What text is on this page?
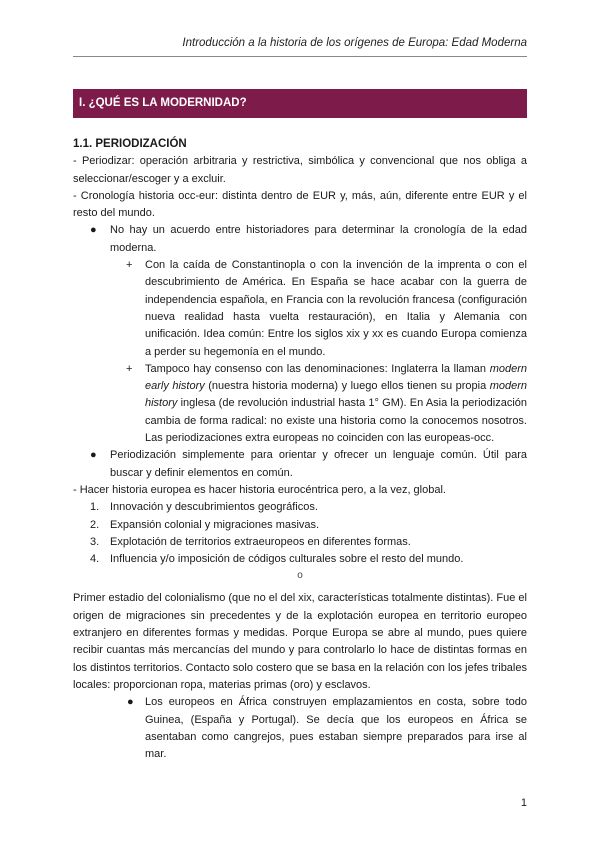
Introducción a la historia de los orígenes de Europa: Edad Moderna
I. ¿QUÉ ES LA MODERNIDAD?

1.1. PERIODIZACIÓN

- Periodizar: operación arbitraria y restrictiva, simbólica y convencional que nos obliga a seleccionar/escoger y a excluir.

- Cronología historia occ-eur: distinta dentro de EUR y, más, aún, diferente entre EUR y el resto del mundo.

● No hay un acuerdo entre historiadores para determinar la cronología de la edad moderna.
+ Con la caída de Constantinopla o con la invención de la imprenta o con el descubrimiento de América. En España se hace acabar con la guerra de independencia española, en Francia con la revolución francesa (configuración nueva realidad hasta vuelta restauración), en Italia y Alemania con unificación. Idea común: Entre los siglos xix y xx es cuando Europa comienza a perder su hegemonía en el mundo.
+ Tampoco hay consenso con las denominaciones: Inglaterra la llaman modern early history (nuestra historia moderna) y luego ellos tienen su propia modern history inglesa (de revolución industrial hasta 1° GM). En Asia la periodización cambia de forma radical: no existe una historia como la conocemos nosotros. Las periodizaciones extra europeas no coinciden con las europeas-occ.
● Periodización simplemente para orientar y ofrecer un lenguaje común. Útil para buscar y definir elementos en común.

- Hacer historia europea es hacer historia eurocéntrica pero, a la vez, global.

1. Innovación y descubrimientos geográficos.
2. Expansión colonial y migraciones masivas.
3. Explotación de territorios extraeuropeos en diferentes formas.
4. Influencia y/o imposición de códigos culturales sobre el resto del mundo.
o

Primer estadio del colonialismo (que no el del xix, características totalmente distintas). Fue el origen de migraciones sin precedentes y de la explotación europea en territorio europeo extranjero en diferentes formas y medidas. Porque Europa se abre al mundo, pues quiere recibir cuantas más mercancías del mundo y para controlarlo lo hace de distintas formas en los distintos territorios. Contacto solo costero que se basa en la relación con los jefes tribales locales: proporcionan ropa, materias primas (oro) y esclavos.

● Los europeos en África construyen emplazamientos en costa, sobre todo Guinea, (España y Portugal). Se decía que los europeos en África se asentaban como cangrejos, pues estaban siempre preparados para irse al mar.
1
